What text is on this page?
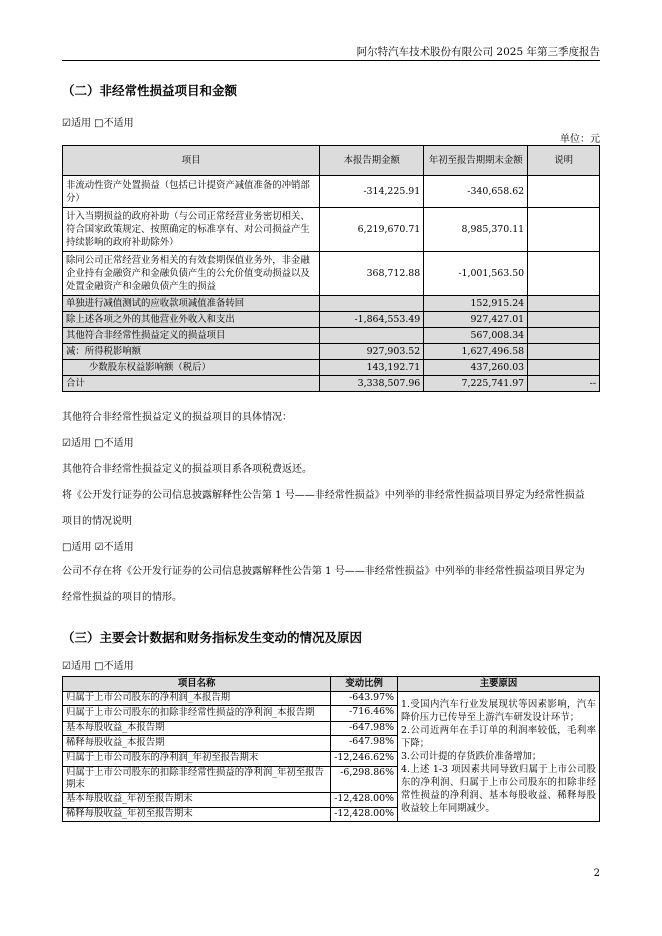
阿尔特汽车技术股份有限公司 2025 年第三季度报告
（二）非经常性损益项目和金额
☑适用 □不适用
单位：元
项目	本报告期金额	年初至报告期期末金额	说明
非流动性资产处置损益（包括已计提资产减值准备的冲销部分）	-314,225.91	-340,658.62	
计入当期损益的政府补助（与公司正常经营业务密切相关、符合国家政策规定、按照确定的标准享有、对公司损益产生持续影响的政府补助除外）	6,219,670.71	8,985,370.11	
除同公司正常经营业务相关的有效套期保值业务外，非金融企业持有金融资产和金融负债产生的公允价值变动损益以及处置金融资产和金融负债产生的损益	368,712.88	-1,001,563.50	
单独进行减值测试的应收款项减值准备转回		152,915.24	
除上述各项之外的其他营业外收入和支出	-1,864,553.49	927,427.01	
其他符合非经常性损益定义的损益项目		567,008.34	
减：所得税影响额	927,903.52	1,627,496.58	
少数股东权益影响额（税后）	143,192.71	437,260.03	
合计	3,338,507.96	7,225,741.97	--
其他符合非经常性损益定义的损益项目的具体情况：
☑适用 □不适用
其他符合非经常性损益定义的损益项目系各项税费返还。
将《公开发行证券的公司信息披露解释性公告第 1 号——非经常性损益》中列举的非经常性损益项目界定为经常性损益
项目的情况说明
□适用 ☑不适用
公司不存在将《公开发行证券的公司信息披露解释性公告第 1 号——非经常性损益》中列举的非经常性损益项目界定为
经常性损益的项目的情形。
（三）主要会计数据和财务指标发生变动的情况及原因
☑适用 □不适用
项目名称	变动比例	主要原因
归属于上市公司股东的净利润_本报告期	-643.97%	1.受国内汽车行业发展现状等因素影响，汽车降价压力已传导至上游汽车研发设计环节；
2.公司近两年在手订单的利润率较低，毛利率下降；
3.公司计提的存货跌价准备增加；
4.上述 1-3 项因素共同导致归属于上市公司股东的净利润、归属于上市公司股东的扣除非经常性损益的净利润、基本每股收益、稀释每股收益较上年同期减少。

归属于上市公司股东的扣除非经常性损益的净利润_本报告期	-716.46%	
基本每股收益_本报告期	-647.98%	
稀释每股收益_本报告期	-647.98%	
归属于上市公司股东的净利润_年初至报告期末	-12,246.62%	
归属于上市公司股东的扣除非经常性损益的净利润_年初至报告期末	-6,298.86%	
基本每股收益_年初至报告期末	-12,428.00%	
稀释每股收益_年初至报告期末	-12,428.00%	
2
